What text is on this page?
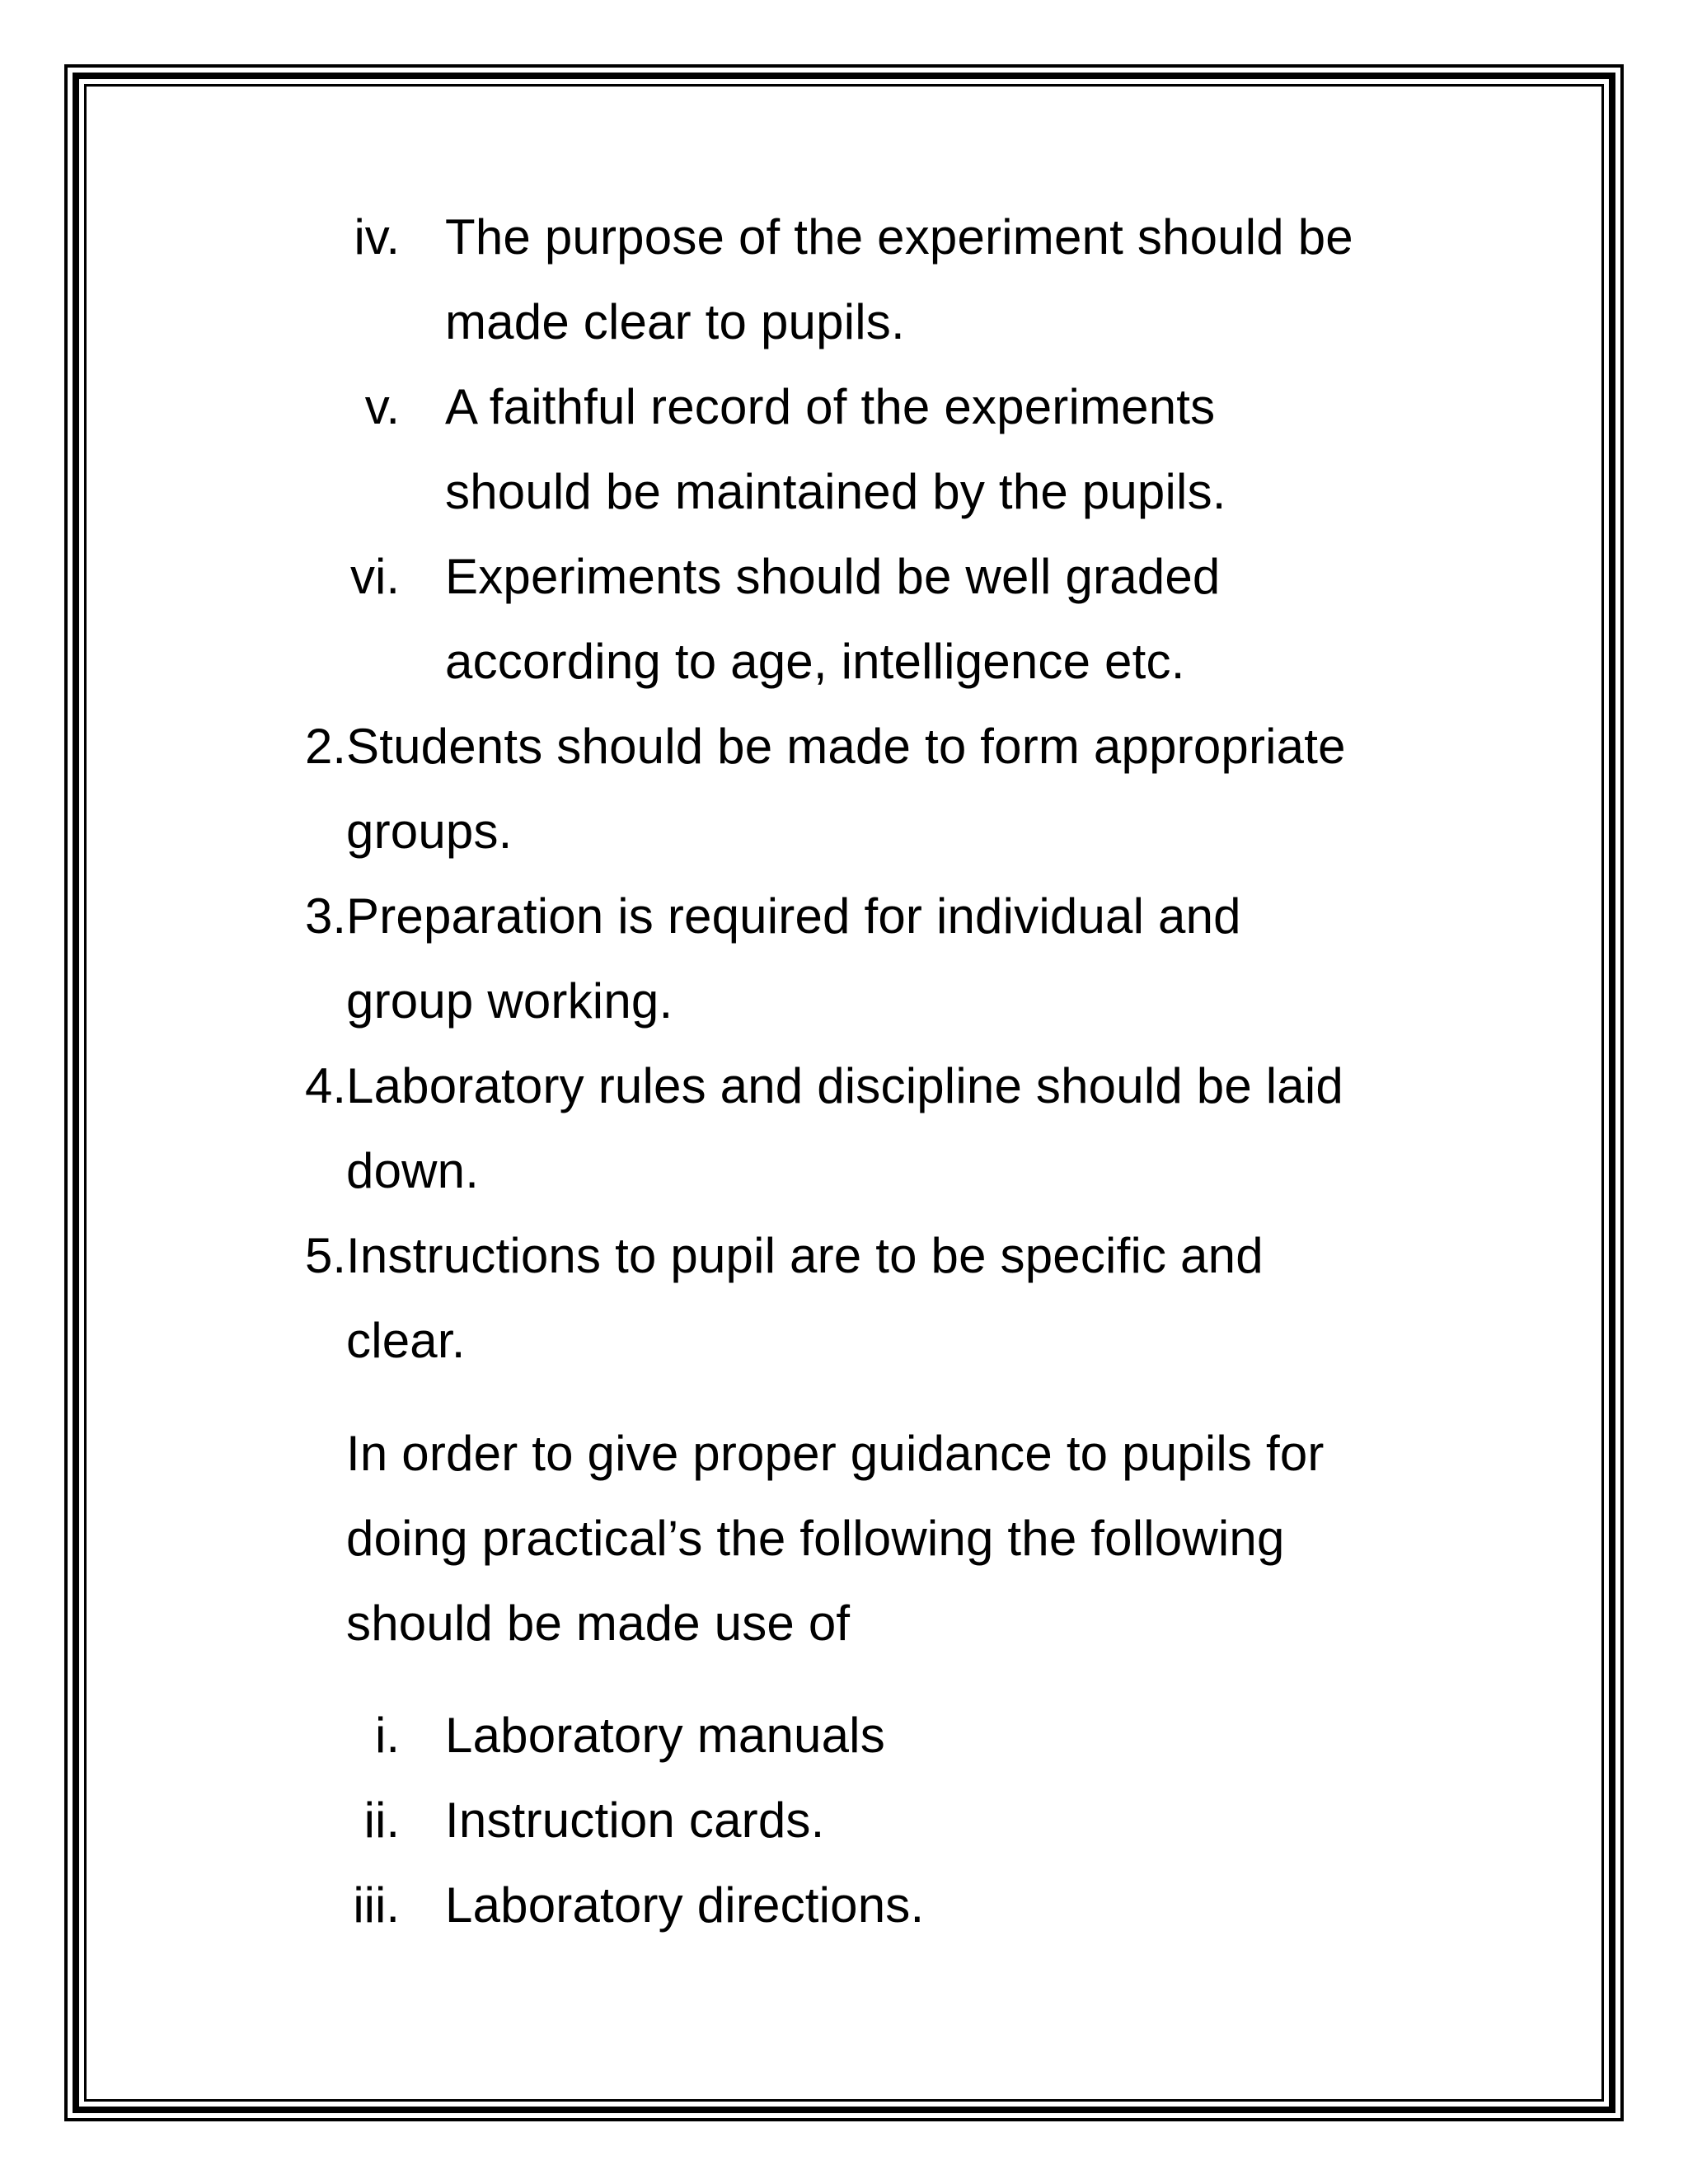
iv. The purpose of the experiment should be
made clear to pupils.
v. A faithful record of the experiments
should be maintained by the pupils.
vi. Experiments should be well graded
according to age, intelligence etc.
2. Students should be made to form appropriate
groups.
3. Preparation is required for individual and
group working.
4. Laboratory rules and discipline should be laid
down.
5. Instructions to pupil are to be specific and
clear.
In order to give proper guidance to pupils for
doing practical’s the following the following
should be made use of
i. Laboratory manuals
ii. Instruction cards.
iii. Laboratory directions.
